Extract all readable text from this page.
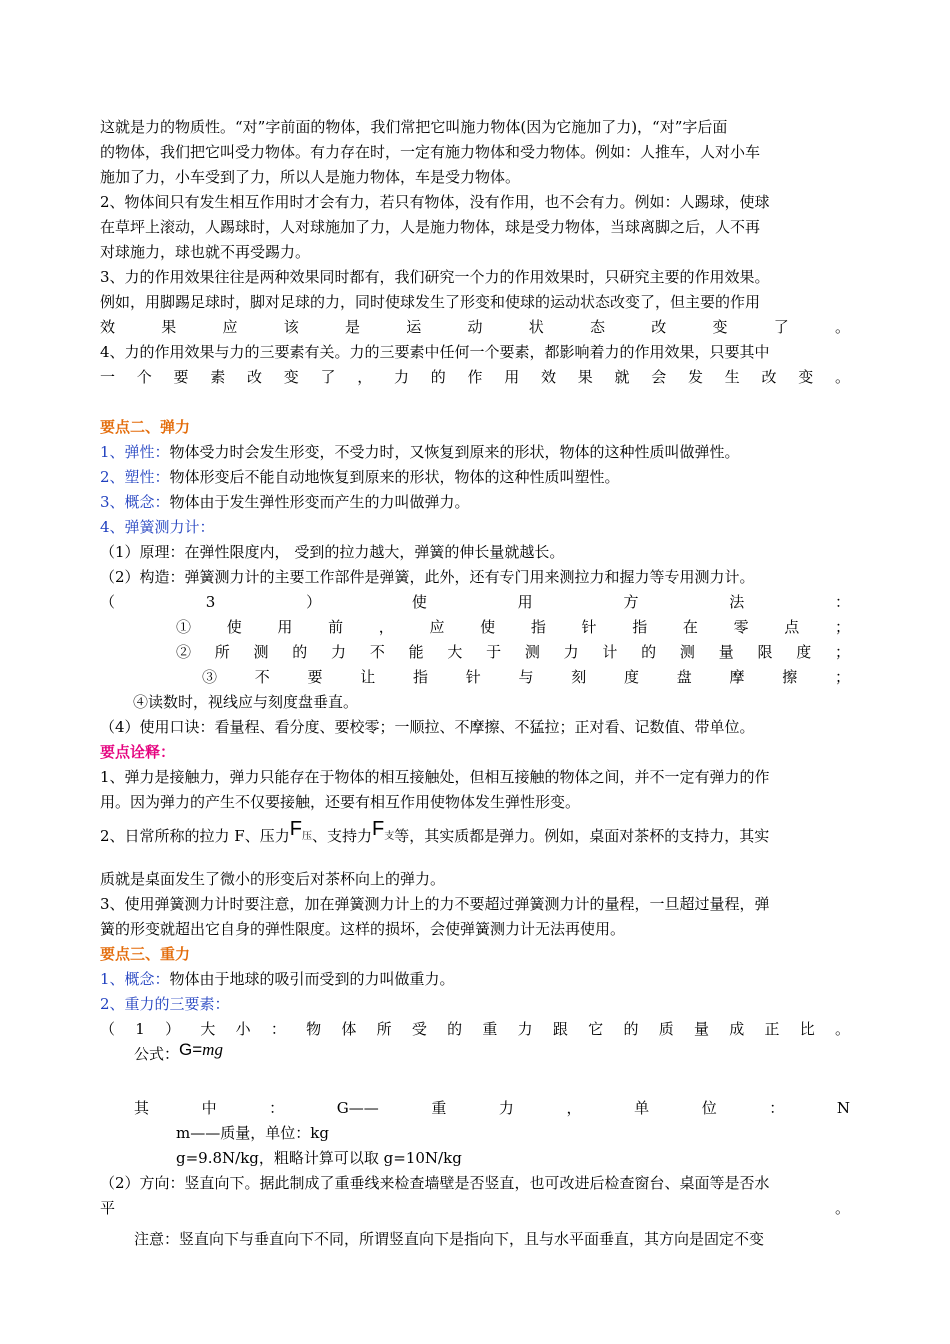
这就是力的物质性。“对”字前面的物体，我们常把它叫施力物体(因为它施加了力)，“对”字后面

的物体，我们把它叫受力物体。有力存在时，一定有施力物体和受力物体。例如：人推车，人对小车

施加了力，小车受到了力，所以人是施力物体，车是受力物体。

2、物体间只有发生相互作用时才会有力，若只有物体，没有作用，也不会有力。例如：人踢球，使球

在草坪上滚动，人踢球时，人对球施加了力，人是施力物体，球是受力物体，当球离脚之后，人不再

对球施力，球也就不再受踢力。

3、力的作用效果往往是两种效果同时都有，我们研究一个力的作用效果时，只研究主要的作用效果。

例如，用脚踢足球时，脚对足球的力，同时使球发生了形变和使球的运动状态改变了，但主要的作用

效果应该是运动状态改变了。

4、力的作用效果与力的三要素有关。力的三要素中任何一个要素，都影响着力的作用效果，只要其中

一个要素改变了，力的作用效果就会发生改变。

要点二、弹力

1、弹性：物体受力时会发生形变，不受力时，又恢复到原来的形状，物体的这种性质叫做弹性。

2、塑性：物体形变后不能自动地恢复到原来的形状，物体的这种性质叫塑性。

3、概念：物体由于发生弹性形变而产生的力叫做弹力。

4、弹簧测力计：

（1）原理：在弹性限度内， 受到的拉力越大，弹簧的伸长量就越长。

（2）构造：弹簧测力计的主要工作部件是弹簧，此外，还有专门用来测拉力和握力等专用测力计。

（3）使用方法：

①使用前，应使指针指在零点；

②所测的力不能大于测力计的测量限度；

③不要让指针与刻度盘摩擦；

④读数时，视线应与刻度盘垂直。

（4）使用口诀：看量程、看分度、要校零；一顺拉、不摩擦、不猛拉；正对看、记数值、带单位。

要点诠释：

1、弹力是接触力，弹力只能存在于物体的相互接触处，但相互接触的物体之间，并不一定有弹力的作

用。因为弹力的产生不仅要接触，还要有相互作用使物体发生弹性形变。

2、日常所称的拉力 F、压力F压、支持力F支等，其实质都是弹力。例如，桌面对茶杯的支持力，其实

质就是桌面发生了微小的形变后对茶杯向上的弹力。

3、使用弹簧测力计时要注意，加在弹簧测力计上的力不要超过弹簧测力计的量程，一旦超过量程，弹

簧的形变就超出它自身的弹性限度。这样的损坏，会使弹簧测力计无法再使用。

要点三、重力

1、概念：物体由于地球的吸引而受到的力叫做重力。

2、重力的三要素：

（1）大小：物体所受的重力跟它的质量成正比。

公式：G=mg

其中：G——重力，单位：N

m——质量，单位：kg

g=9.8N/kg，粗略计算可以取 g=10N/kg

（2）方向：竖直向下。据此制成了重垂线来检查墙壁是否竖直，也可改进后检查窗台、桌面等是否水

平。

注意：竖直向下与垂直向下不同，所谓竖直向下是指向下，且与水平面垂直，其方向是固定不变
